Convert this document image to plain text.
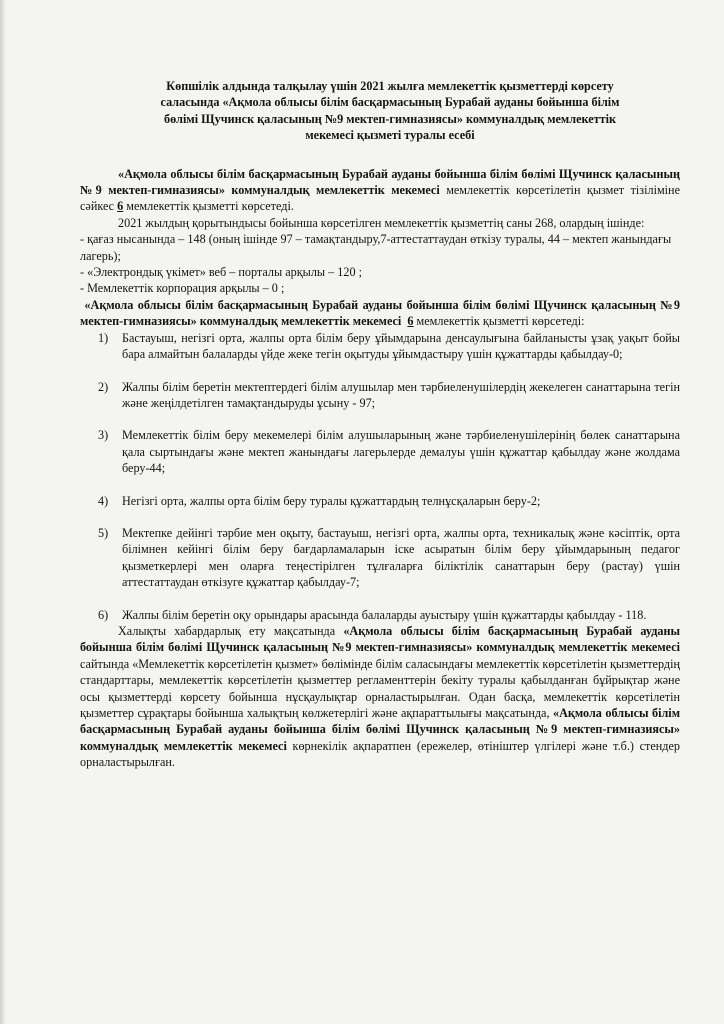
Көпшілік алдында талқылау үшін 2021 жылға мемлекеттік қызметтерді көрсету
саласында «Ақмола облысы білім басқармасының Бурабай ауданы бойынша білім
бөлімі Щучинск қаласының №9 мектеп-гимназиясы» коммуналдық мемлекеттік
мекемесі қызметі туралы есебі

«Ақмола облысы білім басқармасының Бурабай ауданы бойынша білім бөлімі Щучинск қаласының №9 мектеп-гимназиясы» коммуналдық мемлекеттік мекемесі мемлекеттік көрсетілетін қызмет тізіліміне сәйкес 6 мемлекеттік қызметті көрсетеді.

2021 жылдың қорытындысы бойынша көрсетілген мемлекеттік қызметтің саны 268, олардың ішінде:

- қағаз нысанында – 148 (оның ішінде 97 – тамақтандыру,7-аттестаттаудан өткізу туралы, 44 – мектеп жанындағы лагерь);

- «Электрондық үкімет» веб – порталы арқылы – 120 ;

- Мемлекеттік корпорация арқылы – 0 ;

«Ақмола облысы білім басқармасының Бурабай ауданы бойынша білім бөлімі Щучинск қаласының №9 мектеп-гимназиясы» коммуналдық мемлекеттік мекемесі 6 мемлекеттік қызметті көрсетеді:

1)	Бастауыш, негізгі орта, жалпы орта білім беру ұйымдарына денсаулығына байланысты ұзақ уақыт бойы бара алмайтын балаларды үйде жеке тегін оқытуды ұйымдастыру үшін құжаттарды қабылдау-0;
2)	Жалпы білім беретін мектептердегі білім алушылар мен тәрбиеленушілердің жекелеген санаттарына тегін және жеңілдетілген тамақтандыруды ұсыну - 97;
3)	Мемлекеттік білім беру мекемелері білім алушыларының және тәрбиеленушілерінің бөлек санаттарына қала сыртындағы және мектеп жанындағы лагерьлерде демалуы үшін құжаттар қабылдау және жолдама беру-44;
4)	Негізгі орта, жалпы орта білім беру туралы құжаттардың телнұсқаларын беру-2;
5)	Мектепке дейінгі тәрбие мен оқыту, бастауыш, негізгі орта, жалпы орта, техникалық және кәсіптік, орта білімнен кейінгі білім беру бағдарламаларын іске асыратын білім беру ұйымдарының педагог қызметкерлері мен оларға теңестірілген тұлғаларға біліктілік санаттарын беру (растау) үшін аттестаттаудан өткізуге құжаттар қабылдау-7;
6)	Жалпы білім беретін оқу орындары арасында балаларды ауыстыру үшін құжаттарды қабылдау - 118.

Халықты хабардарлық ету мақсатында «Ақмола облысы білім басқармасының Бурабай ауданы бойынша білім бөлімі Щучинск қаласының №9 мектеп-гимназиясы» коммуналдық мемлекеттік мекемесі сайтында «Мемлекеттік көрсетілетін қызмет» бөлімінде білім саласындағы мемлекеттік көрсетілетін қызметтердің стандарттары, мемлекеттік көрсетілетін қызметтер регламенттерін бекіту туралы қабылданған бұйрықтар және осы қызметтерді көрсету бойынша нұсқаулықтар орналастырылған. Одан басқа, мемлекеттік көрсетілетін қызметтер сұрақтары бойынша халықтың көлжетерлігі және ақпараттылығы мақсатында, «Ақмола облысы білім басқармасының Бурабай ауданы бойынша білім бөлімі Щучинск қаласының №9 мектеп-гимназиясы» коммуналдық мемлекеттік мекемесі көрнекілік ақпаратпен (ережелер, өтініштер үлгілері және т.б.) стендер орналастырылған.
